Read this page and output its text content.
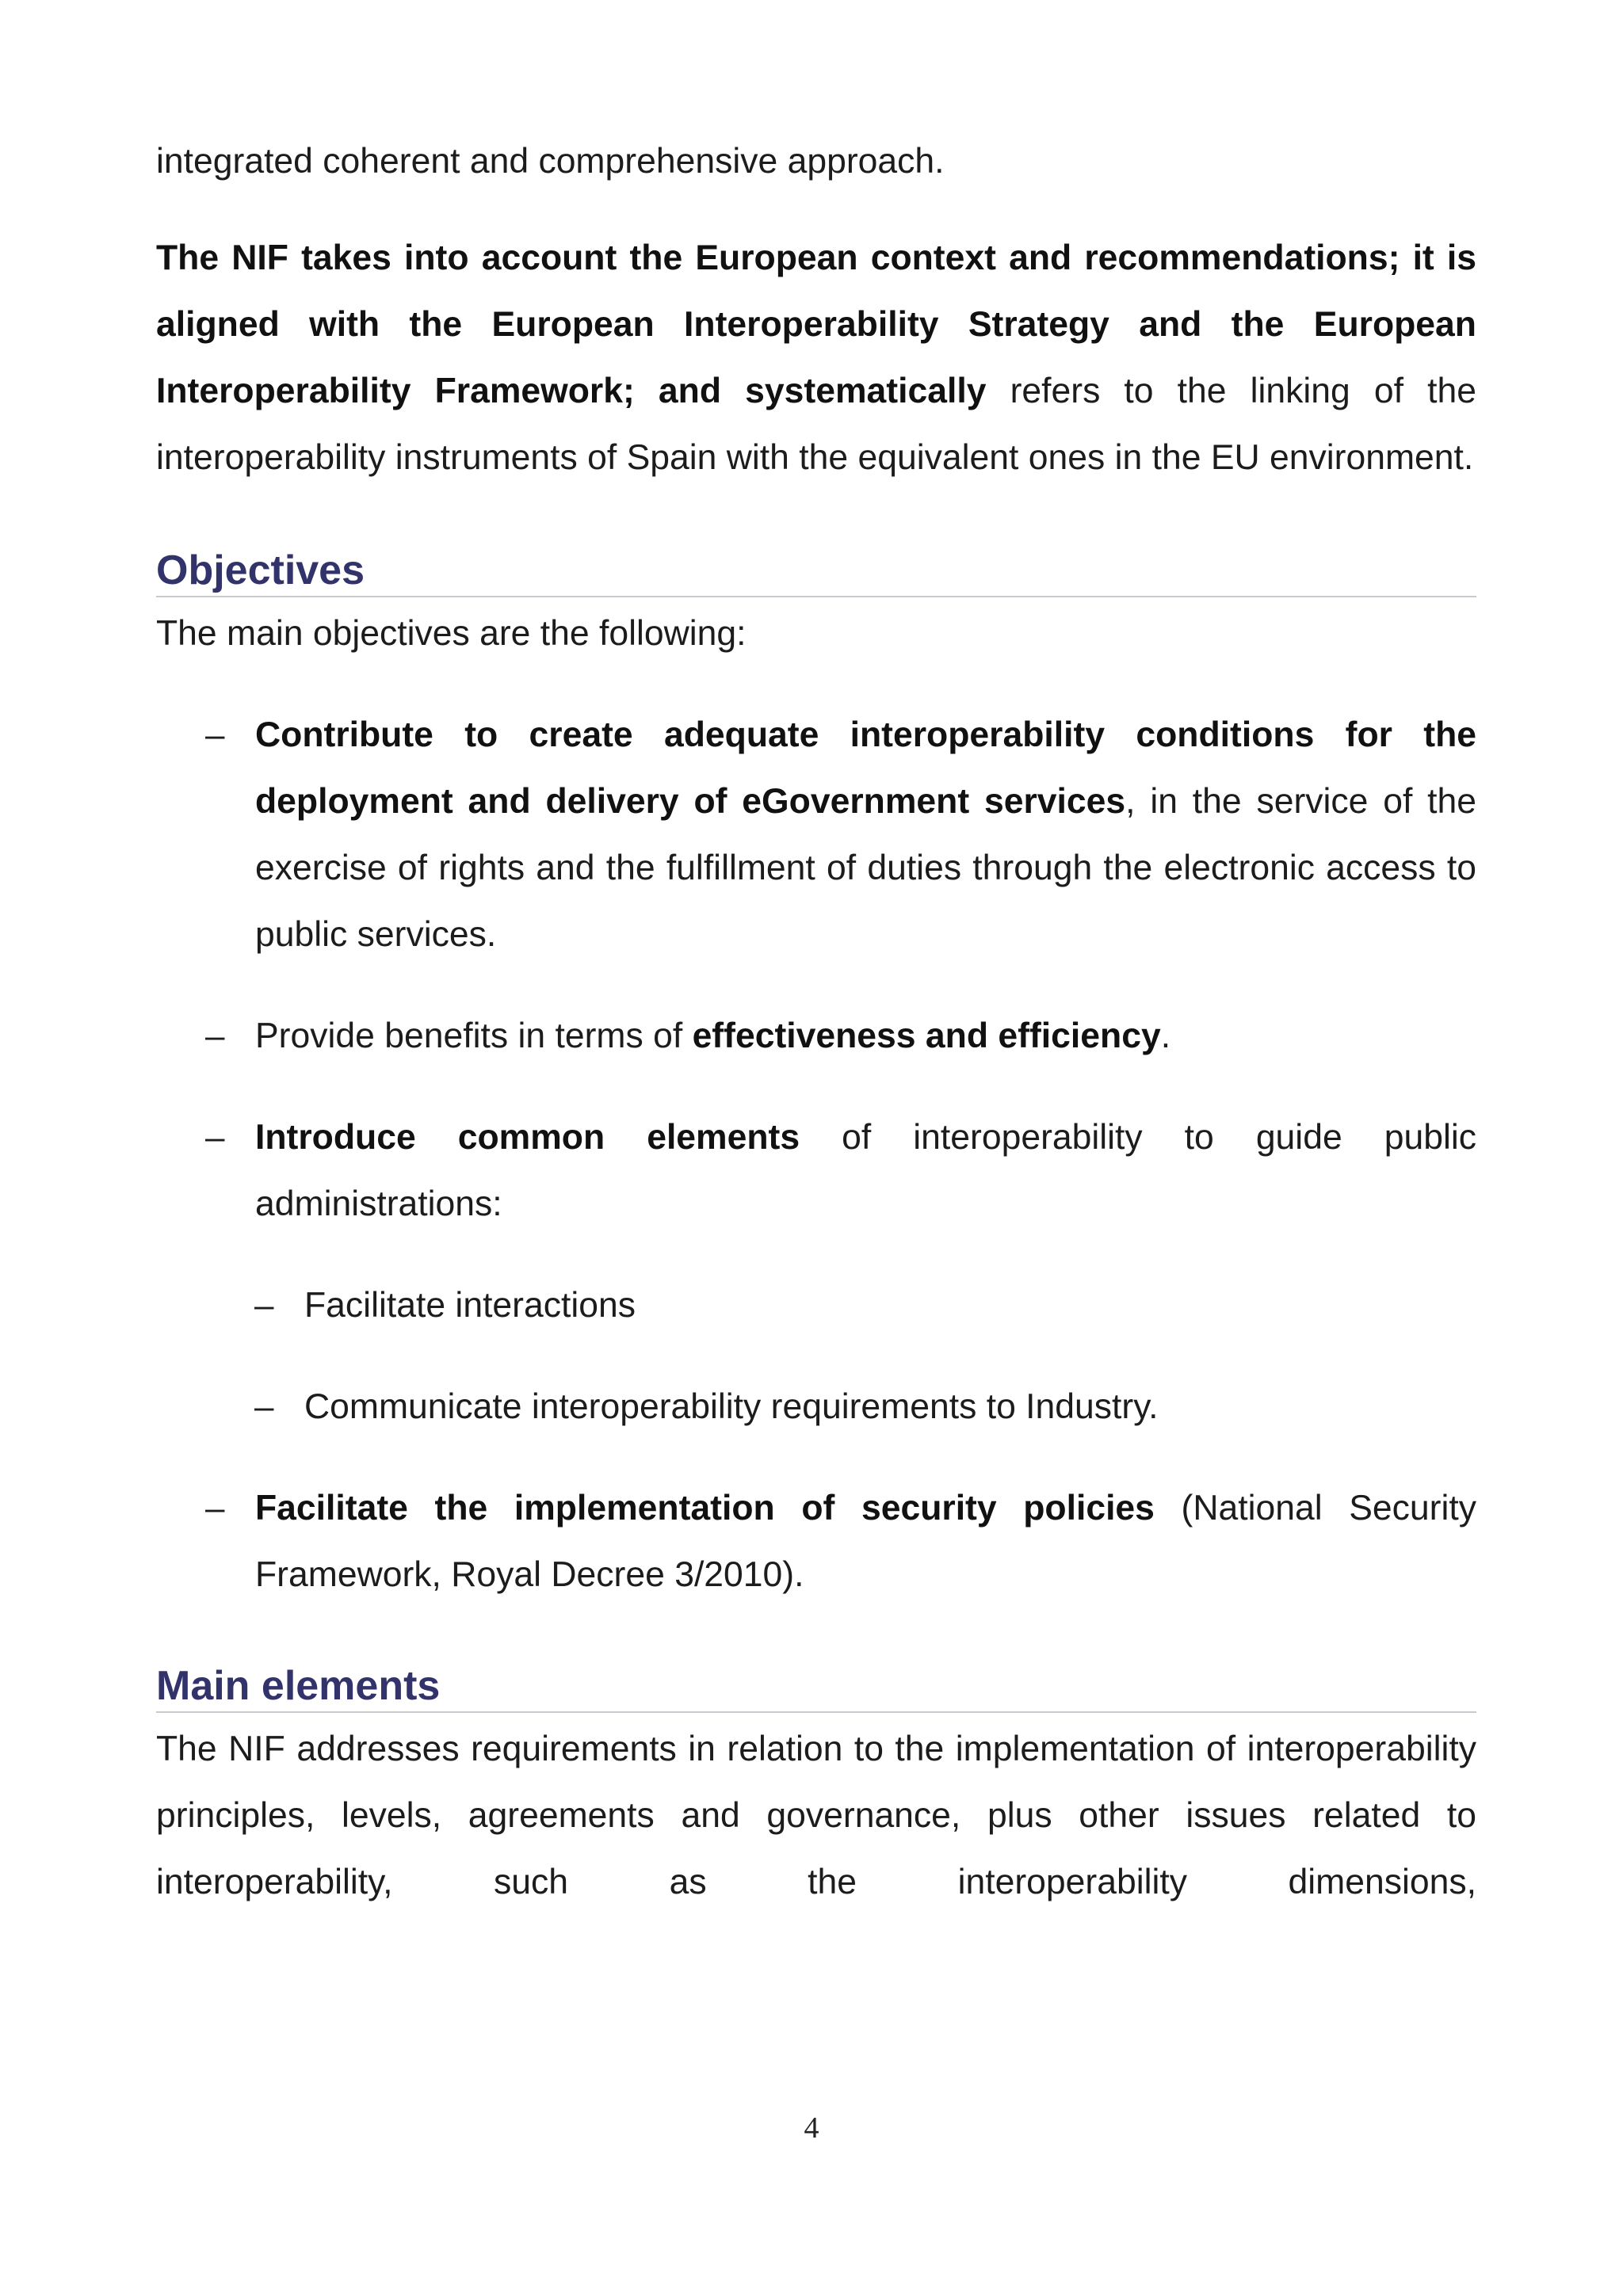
integrated coherent and comprehensive approach.

The NIF takes into account the European context and recommendations; it is aligned with the European Interoperability Strategy and the European Interoperability Framework; and systematically refers to the linking of the interoperability instruments of Spain with the equivalent ones in the EU environment.

Objectives

The main objectives are the following:

– Contribute to create adequate interoperability conditions for the deployment and delivery of eGovernment services, in the service of the exercise of rights and the fulfillment of duties through the electronic access to public services.

– Provide benefits in terms of effectiveness and efficiency.

– Introduce common elements of interoperability to guide public administrations:

– Facilitate interactions

– Communicate interoperability requirements to Industry.

– Facilitate the implementation of security policies (National Security Framework, Royal Decree 3/2010).

Main elements

The NIF addresses requirements in relation to the implementation of interoperability principles, levels, agreements and governance, plus other issues related to interoperability, such as the interoperability dimensions,

4
